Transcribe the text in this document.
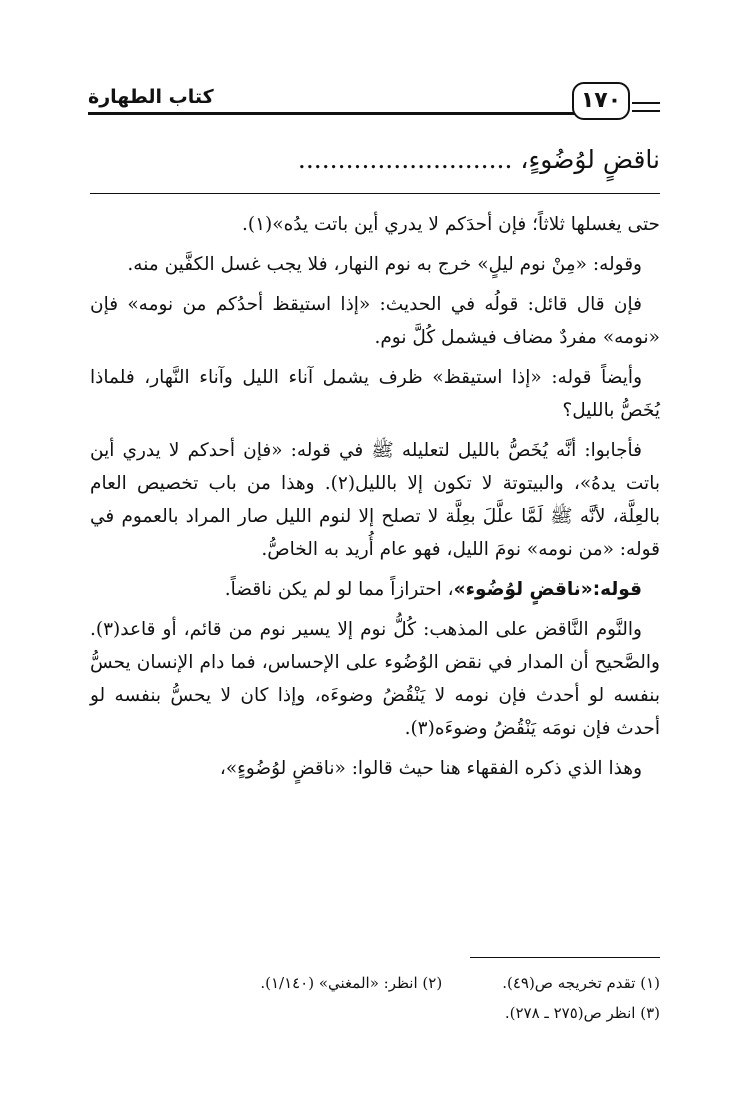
كتاب الطهارة	١٧٠
ناقضٍ لوُضُوءٍ، ...........................

حتى يغسلها ثلاثاً؛ فإن أحدَكم لا يدري أين باتت يدُه»(١).

وقوله: «مِنْ نوم ليلٍ» خرج به نوم النهار، فلا يجب غسل الكفَّين منه.

فإن قال قائل: قولُه في الحديث: «إذا استيقظ أحدُكم من نومه» فإن «نومه» مفردٌ مضاف فيشمل كُلَّ نوم.

وأيضاً قوله: «إذا استيقظ» ظرف يشمل آناء الليل وآناء النَّهار، فلماذا يُخَصُّ بالليل؟

فأجابوا: أنَّه يُخَصُّ بالليل لتعليله ﷺ في قوله: «فإن أحدكم لا يدري أين باتت يدهُ»، والبيتوتة لا تكون إلا بالليل(٢). وهذا من باب تخصيص العام بالعِلَّة، لأنَّه ﷺ لَمَّا علَّلَ بعِلَّة لا تصلح إلا لنوم الليل صار المراد بالعموم في قوله: «من نومه» نومَ الليل، فهو عام أُريد به الخاصُّ.

قوله:«ناقضٍ لوُضُوء»، احترازاً مما لو لم يكن ناقضاً.

والنَّوم النَّاقض على المذهب: كُلُّ نوم إلا يسير نوم من قائم، أو قاعد(٣). والصَّحيح أن المدار في نقض الوُضُوء على الإحساس، فما دام الإنسان يحسُّ بنفسه لو أحدث فإن نومه لا يَنْقُضُ وضوءَه، وإذا كان لا يحسُّ بنفسه لو أحدث فإن نومَه يَنْقُضُ وضوءَه(٣).

وهذا الذي ذكره الفقهاء هنا حيث قالوا: «ناقضٍ لوُضُوءٍ»،

(١) تقدم تخريجه ص(٤٩).
(٢) انظر: «المغني» (١/١٤٠).
(٣) انظر ص(٢٧٥ ـ ٢٧٨).
